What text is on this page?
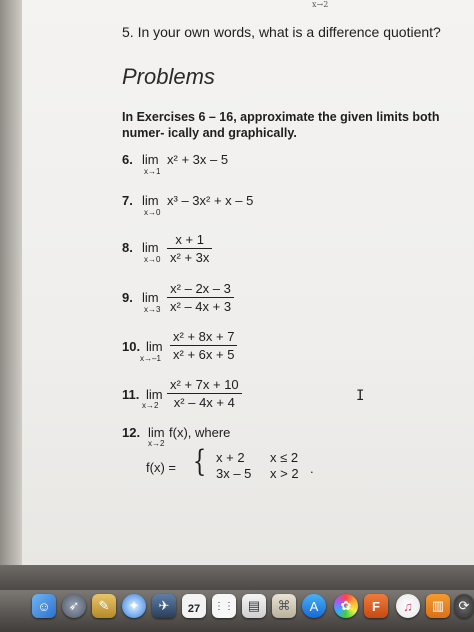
x→2
5. In your own words, what is a difference quotient?
Problems
In Exercises 6 – 16, approximate the given limits both numer- ically and graphically.
6. lim
x→1
x² + 3x – 5
7. lim
x→0
x³ – 3x² + x – 5
8. lim
x→0
x + 1
x² + 3x
9. lim
x→3
x² – 2x – 3
x² – 4x + 3
10. lim
x→–1
x² + 8x + 7
x² + 6x + 5
11. lim
x→2
x² + 7x + 10
x² – 4x + 4
12. lim
x→2
f(x), where
f(x) = { x + 2 x ≤ 2
3x – 5 x > 2 .
I
☺	➶	✎	✦	✈	27 ⋮⋮	▤	⌘	A	✿	F	♫	▥	⟳
